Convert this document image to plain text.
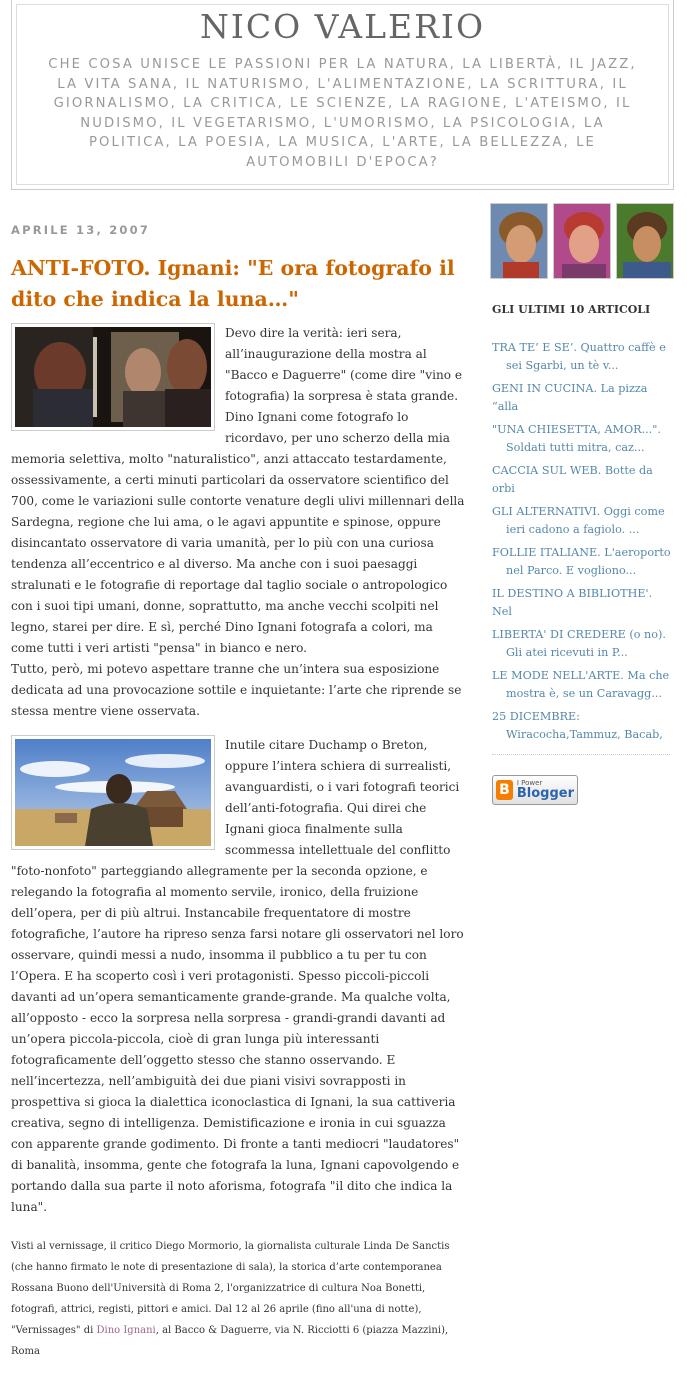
NICO VALERIO
CHE COSA UNISCE LE PASSIONI PER LA NATURA, LA LIBERTÀ, IL JAZZ, LA VITA SANA, IL NATURISMO, L'ALIMENTAZIONE, LA SCRITTURA, IL GIORNALISMO, LA CRITICA, LE SCIENZE, LA RAGIONE, L'ATEISMO, IL NUDISMO, IL VEGETARISMO, L'UMORISMO, LA PSICOLOGIA, LA POLITICA, LA POESIA, LA MUSICA, L'ARTE, LA BELLEZZA, LE AUTOMOBILI D'EPOCA?
APRILE 13, 2007
ANTI-FOTO. Ignani: "E ora fotografo il dito che indica la luna…"

Devo dire la verità: ieri sera, all’inaugurazione della mostra al "Bacco e Daguerre" (come dire "vino e fotografia) la sorpresa è stata grande. Dino Ignani come fotografo lo ricordavo, per uno scherzo della mia memoria selettiva, molto "naturalistico", anzi attaccato testardamente, ossessivamente, a certi minuti particolari da osservatore scientifico del 700, come le variazioni sulle contorte venature degli ulivi millennari della Sardegna, regione che lui ama, o le agavi appuntite e spinose, oppure disincantato osservatore di varia umanità, per lo più con una curiosa tendenza all’eccentrico e al diverso. Ma anche con i suoi paesaggi stralunati e le fotografie di reportage dal taglio sociale o antropologico con i suoi tipi umani, donne, soprattutto, ma anche vecchi scolpiti nel legno, starei per dire. E sì, perché Dino Ignani fotografa a colori, ma come tutti i veri artisti "pensa" in bianco e nero.

Tutto, però, mi potevo aspettare tranne che un’intera sua esposizione dedicata ad una provocazione sottile e inquietante: l’arte che riprende se stessa mentre viene osservata.

Inutile citare Duchamp o Breton, oppure l’intera schiera di surrealisti, avanguardisti, o i vari fotografi teorici dell’anti-fotografia. Qui direi che Ignani gioca finalmente sulla scommessa intellettuale del conflitto "foto-nonfoto" parteggiando allegramente per la seconda opzione, e relegando la fotografia al momento servile, ironico, della fruizione dell’opera, per di più altrui. Instancabile frequentatore di mostre fotografiche, l’autore ha ripreso senza farsi notare gli osservatori nel loro osservare, quindi messi a nudo, insomma il pubblico a tu per tu con l’Opera. E ha scoperto così i veri protagonisti. Spesso piccoli-piccoli davanti ad un’opera semanticamente grande-grande. Ma qualche volta, all’opposto - ecco la sorpresa nella sorpresa - grandi-grandi davanti ad un’opera piccola-piccola, cioè di gran lunga più interessanti fotograficamente dell’oggetto stesso che stanno osservando. E nell’incertezza, nell’ambiguità dei due piani visivi sovrapposti in prospettiva si gioca la dialettica iconoclastica di Ignani, la sua cattiveria creativa, segno di intelligenza. Demistificazione e ironia in cui sguazza con apparente grande godimento. Di fronte a tanti mediocri "laudatores" di banalità, insomma, gente che fotografa la luna, Ignani capovolgendo e portando dalla sua parte il noto aforisma, fotografa "il dito che indica la luna".

Visti al vernissage, il critico Diego Mormorio, la giornalista culturale Linda De Sanctis (che hanno firmato le note di presentazione di sala), la storica d’arte contemporanea Rossana Buono dell'Università di Roma 2, l'organizzatrice di cultura Noa Bonetti, fotografi, attrici, registi, pittori e amici. Dal 12 al 26 aprile (fino all'una di notte), "Vernissages" di Dino Ignani, al Bacco & Daguerre, via N. Ricciotti 6 (piazza Mazzini), Roma
GLI ULTIMI 10 ARTICOLI
TRA TE’ E SE’. Quattro caffè e
sei Sgarbi, un tè v...
GENI IN CUCINA. La pizza “alla
"UNA CHIESETTA, AMOR...".
Soldati tutti mitra, caz...
CACCIA SUL WEB. Botte da orbi
GLI ALTERNATIVI. Oggi come
ieri cadono a fagiolo. ...
FOLLIE ITALIANE. L'aeroporto
nel Parco. E vogliono...
IL DESTINO A BIBLIOTHE'. Nel
LIBERTA' DI CREDERE (o no).
Gli atei ricevuti in P...
LE MODE NELL'ARTE. Ma che
mostra è, se un Caravagg...
25 DICEMBRE:
Wiracocha,Tammuz, Bacab,
B	I Power
Blogger
